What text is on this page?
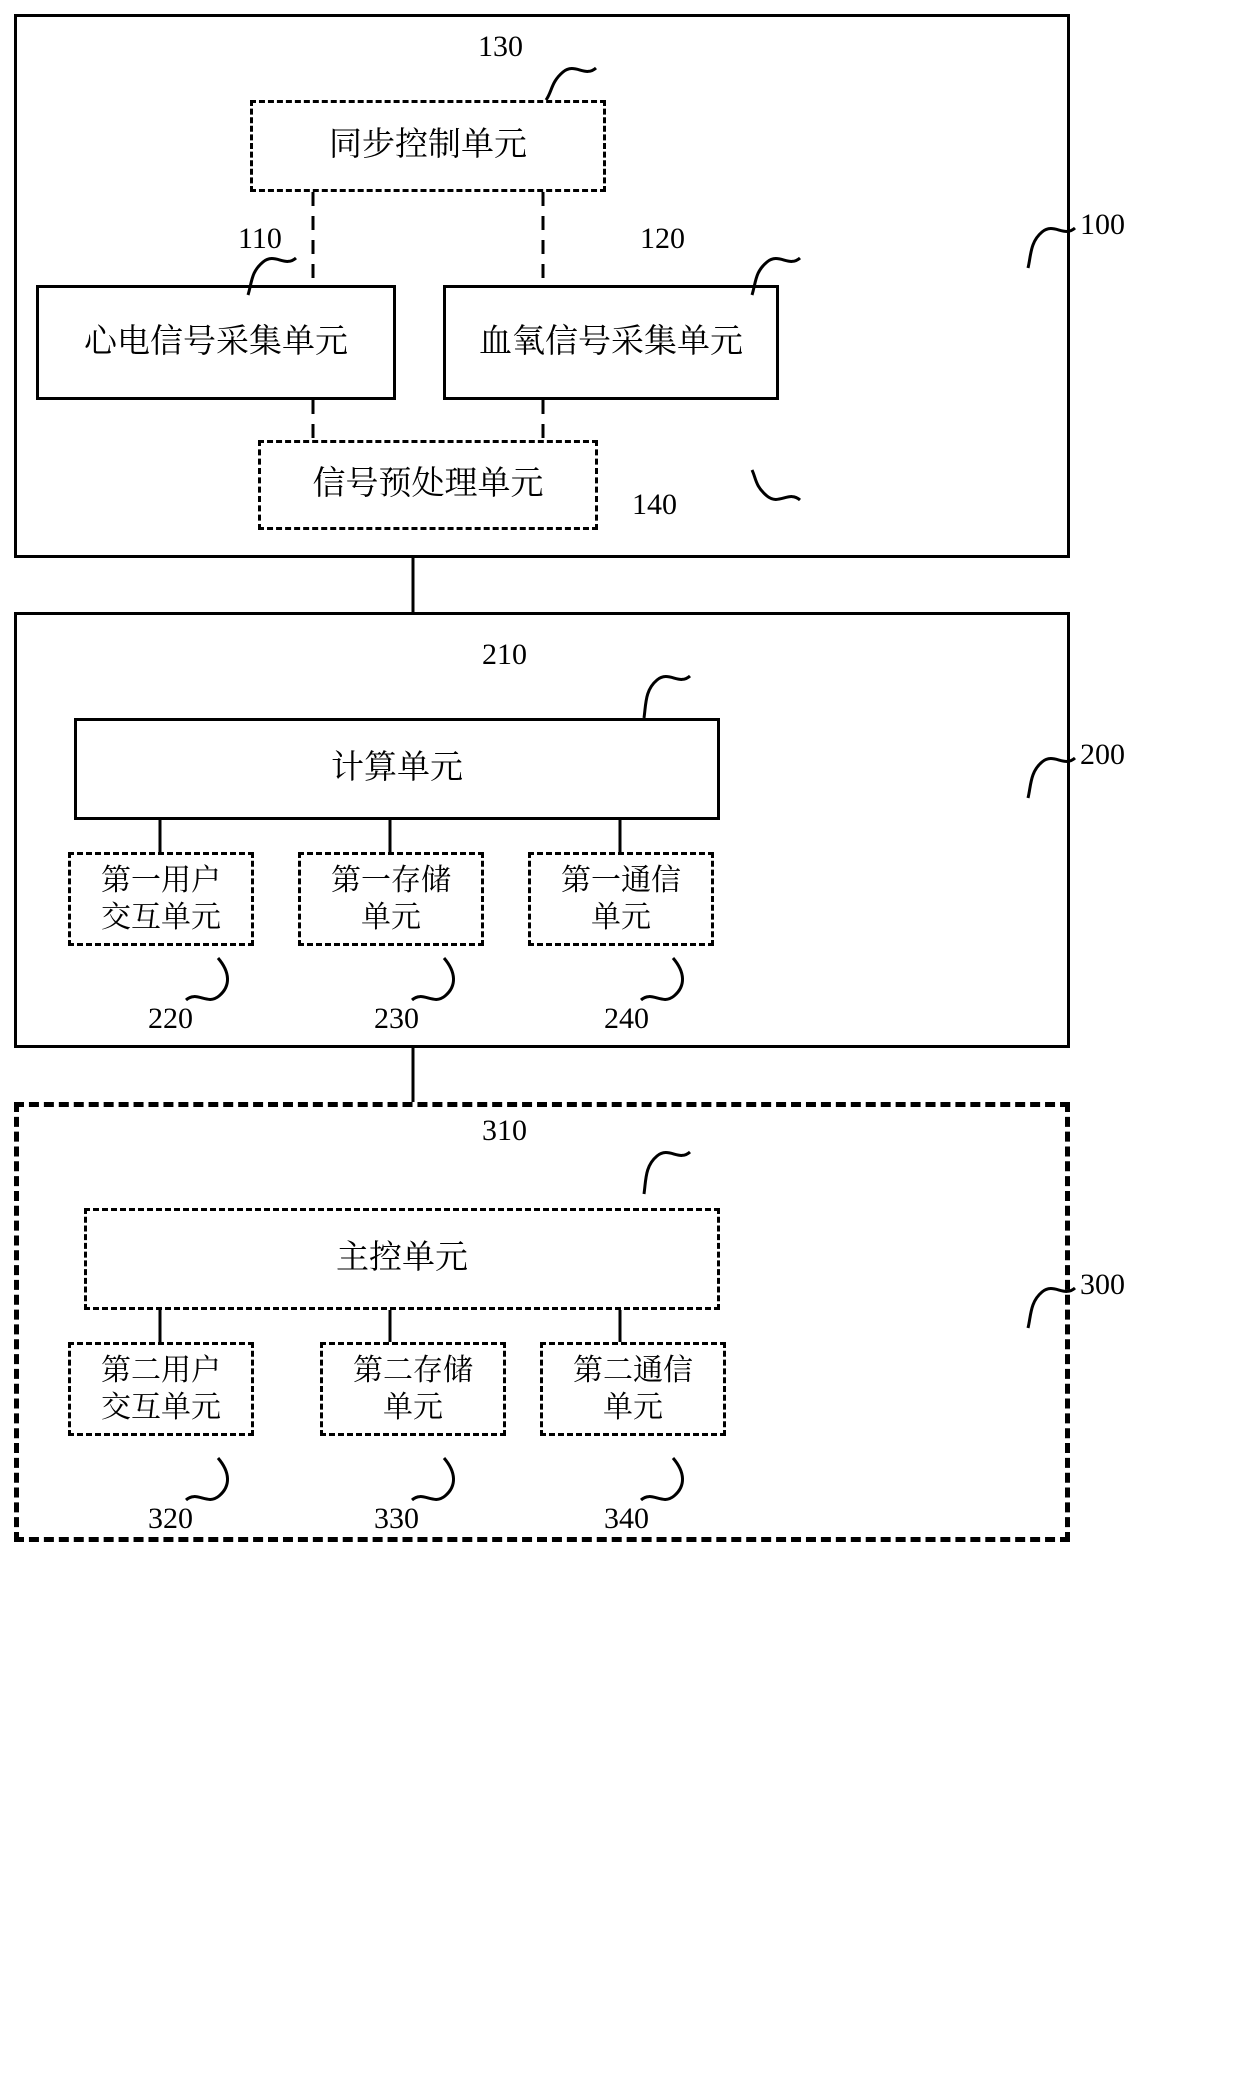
同步控制单元
心电信号采集单元	血氧信号采集单元
信号预处理单元
130
100
110	120
140
计算单元
第一用户
交互单元
第一存储
单元
第一通信
单元
210
200
220	230	240
主控单元
第二用户
交互单元
第二存储
单元
第二通信
单元
310
300
320	330	340
